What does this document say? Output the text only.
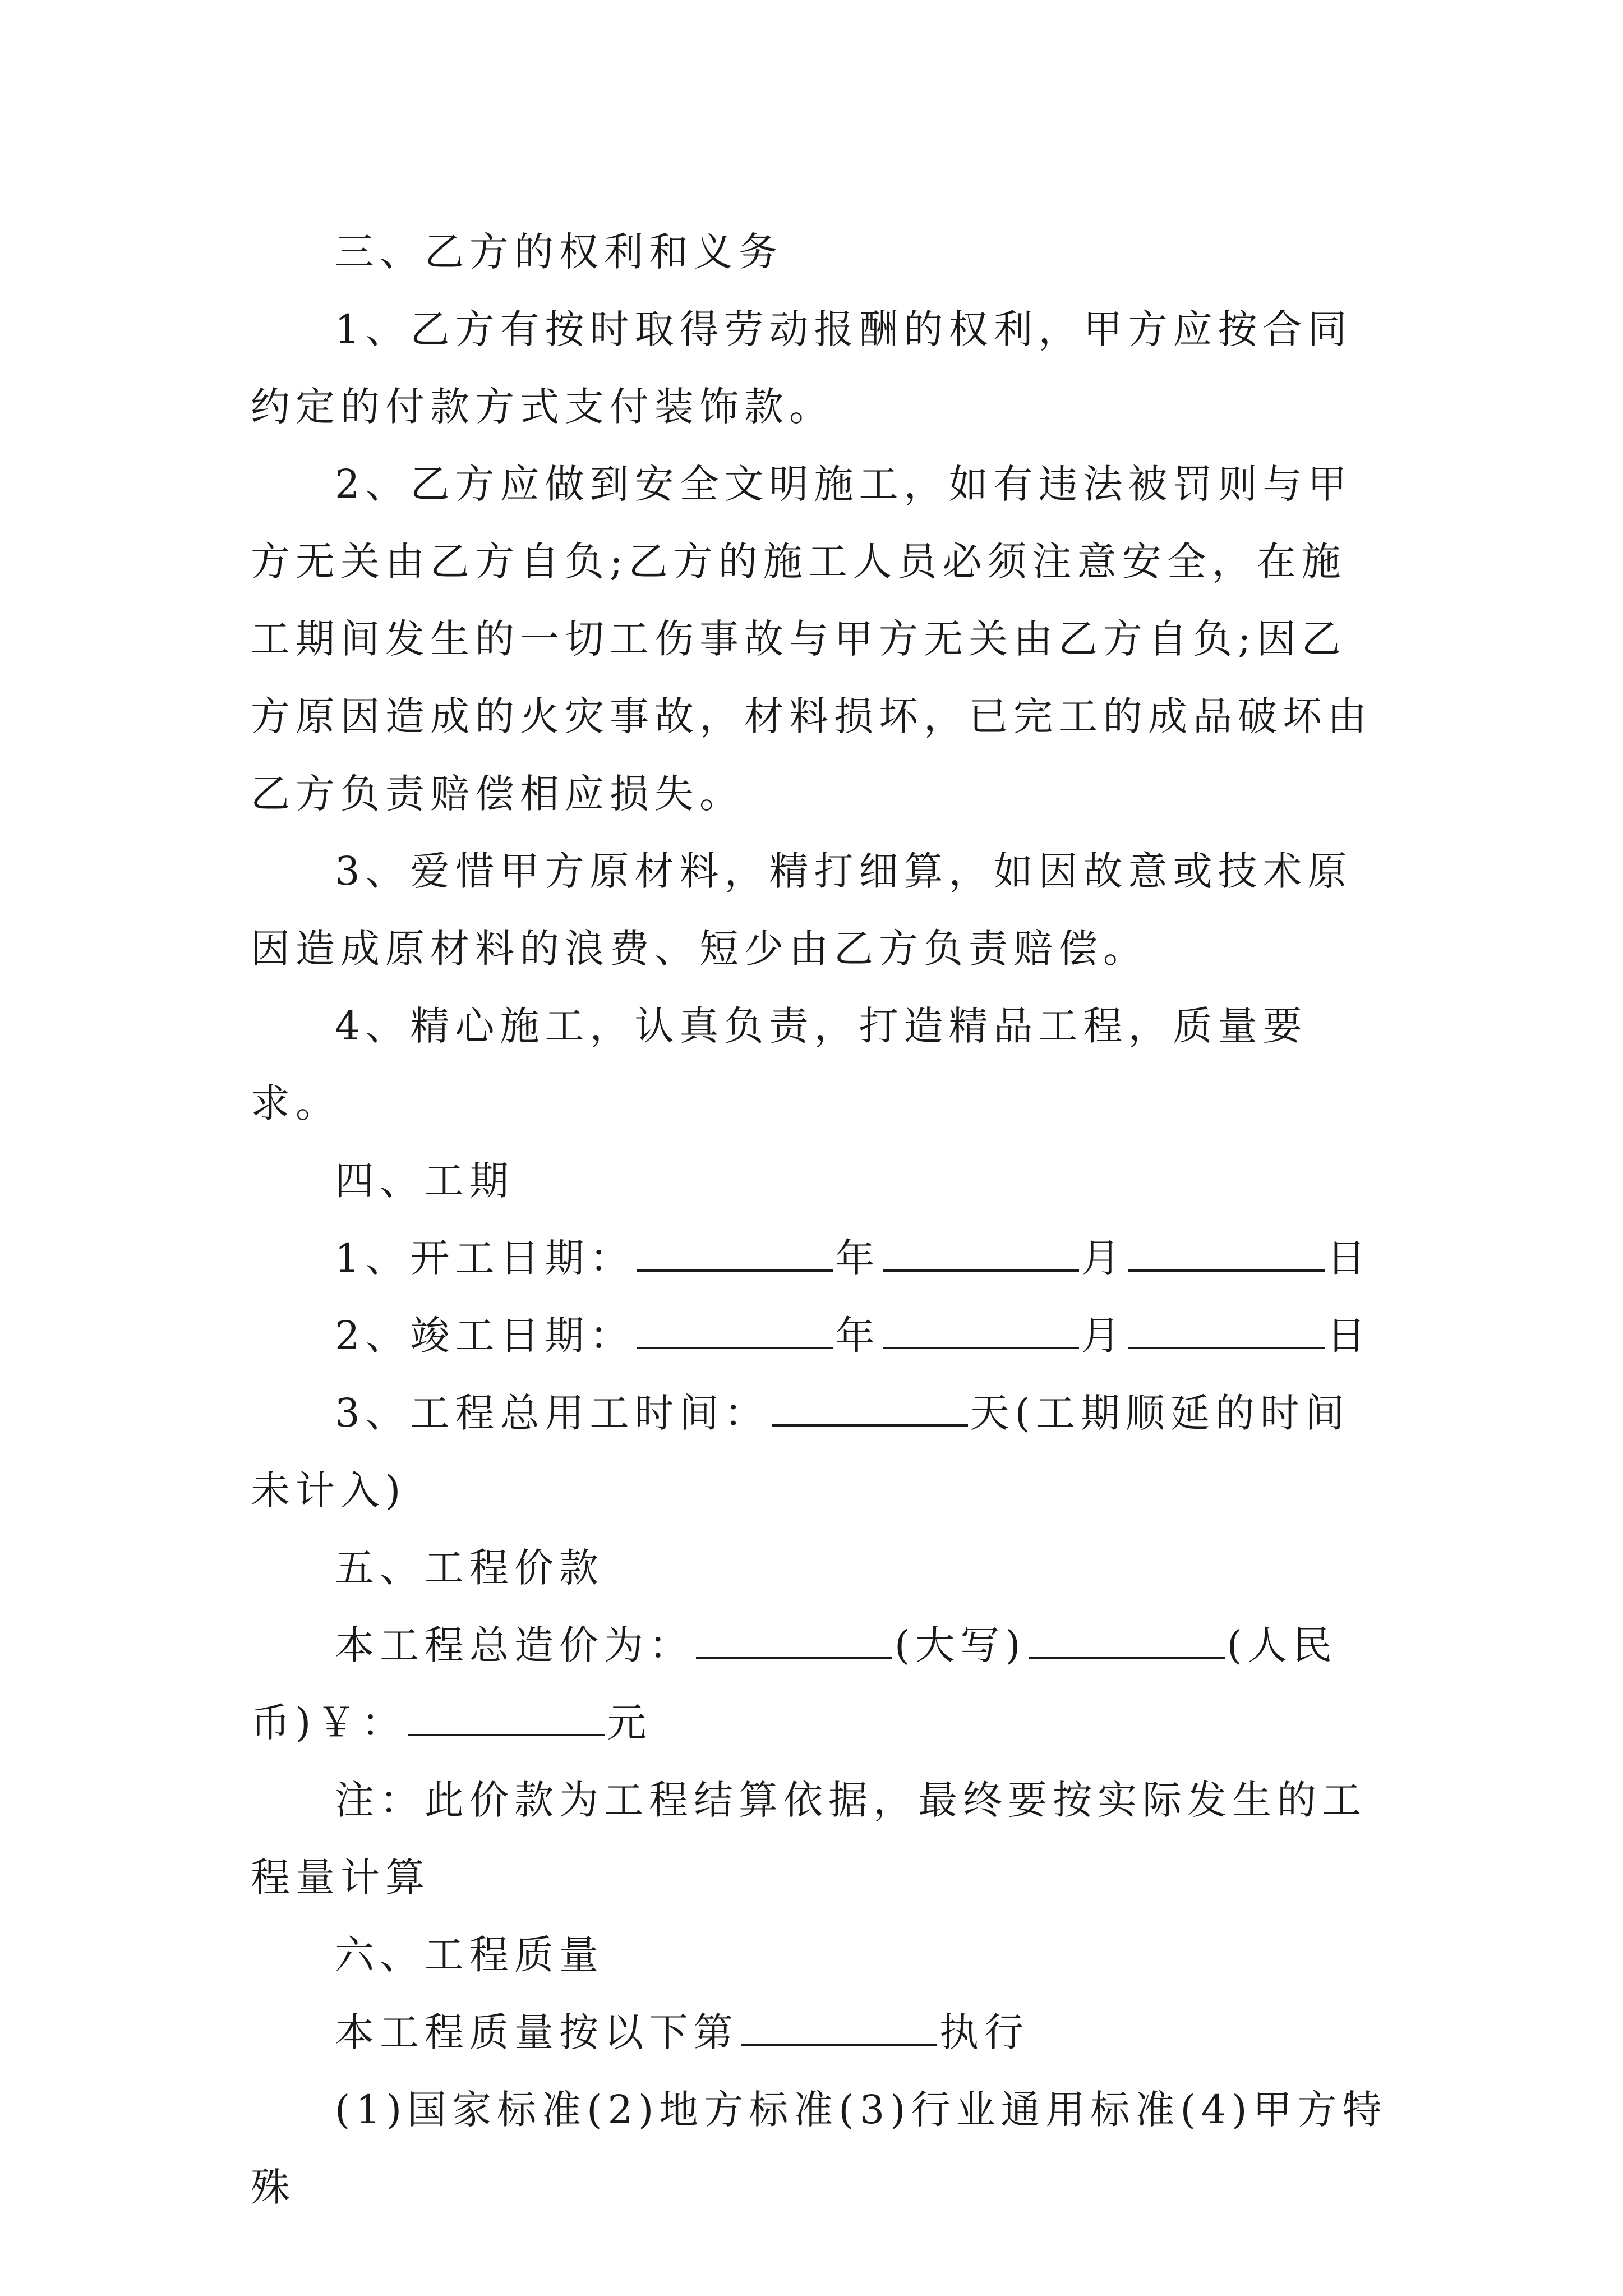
三、乙方的权利和义务

1、乙方有按时取得劳动报酬的权利，甲方应按合同约定的付款方式支付装饰款。

2、乙方应做到安全文明施工，如有违法被罚则与甲方无关由乙方自负;乙方的施工人员必须注意安全，在施工期间发生的一切工伤事故与甲方无关由乙方自负;因乙方原因造成的火灾事故，材料损坏，已完工的成品破坏由乙方负责赔偿相应损失。

3、爱惜甲方原材料，精打细算，如因故意或技术原因造成原材料的浪费、短少由乙方负责赔偿。

4、精心施工，认真负责，打造精品工程，质量要求。

四、工期

1、开工日期：	年	月	日

2、竣工日期：	年	月	日

3、工程总用工时间：	天(工期顺延的时间未计入)

五、工程价款

本工程总造价为：	(大写)	(人民币)￥：	元

注：此价款为工程结算依据，最终要按实际发生的工程量计算

六、工程质量

本工程质量按以下第	执行

(1)国家标准(2)地方标准(3)行业通用标准(4)甲方特殊
